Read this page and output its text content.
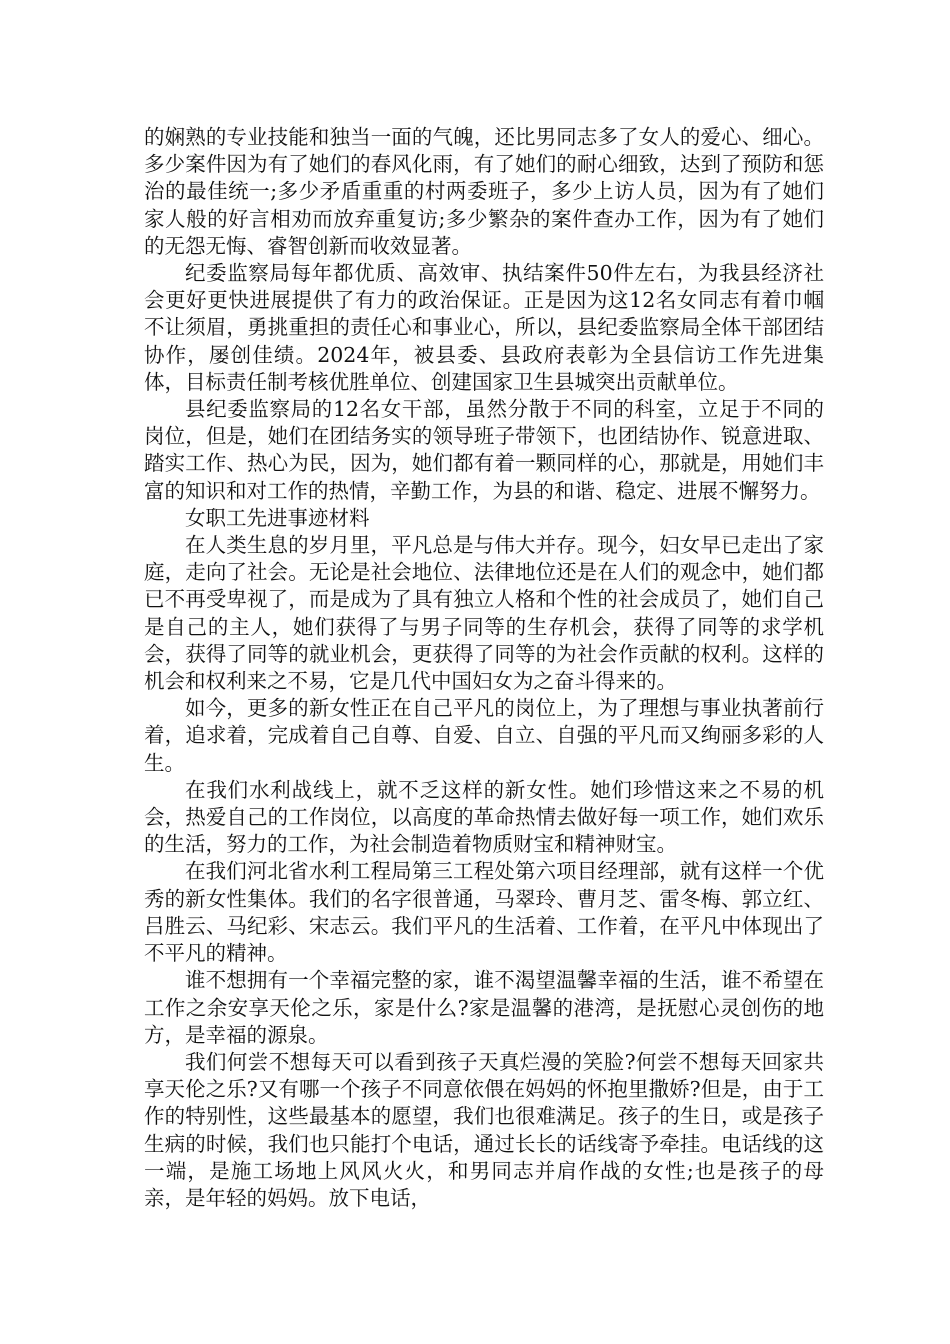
的娴熟的专业技能和独当一面的气魄，还比男同志多了女人的爱心、细心。多少案件因为有了她们的春风化雨，有了她们的耐心细致，达到了预防和惩治的最佳统一;多少矛盾重重的村两委班子，多少上访人员，因为有了她们家人般的好言相劝而放弃重复访;多少繁杂的案件查办工作，因为有了她们的无怨无悔、睿智创新而收效显著。

纪委监察局每年都优质、高效审、执结案件50件左右，为我县经济社会更好更快进展提供了有力的政治保证。正是因为这12名女同志有着巾帼不让须眉，勇挑重担的责任心和事业心，所以，县纪委监察局全体干部团结协作，屡创佳绩。2024年，被县委、县政府表彰为全县信访工作先进集体，目标责任制考核优胜单位、创建国家卫生县城突出贡献单位。

县纪委监察局的12名女干部，虽然分散于不同的科室，立足于不同的岗位，但是，她们在团结务实的领导班子带领下，也团结协作、锐意进取、踏实工作、热心为民，因为，她们都有着一颗同样的心，那就是，用她们丰富的知识和对工作的热情，辛勤工作，为县的和谐、稳定、进展不懈努力。

女职工先进事迹材料

在人类生息的岁月里，平凡总是与伟大并存。现今，妇女早已走出了家庭，走向了社会。无论是社会地位、法律地位还是在人们的观念中，她们都已不再受卑视了，而是成为了具有独立人格和个性的社会成员了，她们自己是自己的主人，她们获得了与男子同等的生存机会，获得了同等的求学机会，获得了同等的就业机会，更获得了同等的为社会作贡献的权利。这样的机会和权利来之不易，它是几代中国妇女为之奋斗得来的。

如今，更多的新女性正在自己平凡的岗位上，为了理想与事业执著前行着，追求着，完成着自己自尊、自爱、自立、自强的平凡而又绚丽多彩的人生。

在我们水利战线上，就不乏这样的新女性。她们珍惜这来之不易的机会，热爱自己的工作岗位，以高度的革命热情去做好每一项工作，她们欢乐的生活，努力的工作，为社会制造着物质财宝和精神财宝。

在我们河北省水利工程局第三工程处第六项目经理部，就有这样一个优秀的新女性集体。我们的名字很普通，马翠玲、曹月芝、雷冬梅、郭立红、吕胜云、马纪彩、宋志云。我们平凡的生活着、工作着，在平凡中体现出了不平凡的精神。

谁不想拥有一个幸福完整的家，谁不渴望温馨幸福的生活，谁不希望在工作之余安享天伦之乐，家是什么?家是温馨的港湾，是抚慰心灵创伤的地方，是幸福的源泉。

我们何尝不想每天可以看到孩子天真烂漫的笑脸?何尝不想每天回家共享天伦之乐?又有哪一个孩子不同意依偎在妈妈的怀抱里撒娇?但是，由于工作的特别性，这些最基本的愿望，我们也很难满足。孩子的生日，或是孩子生病的时候，我们也只能打个电话，通过长长的话线寄予牵挂。电话线的这一端，是施工场地上风风火火，和男同志并肩作战的女性;也是孩子的母亲，是年轻的妈妈。放下电话，
